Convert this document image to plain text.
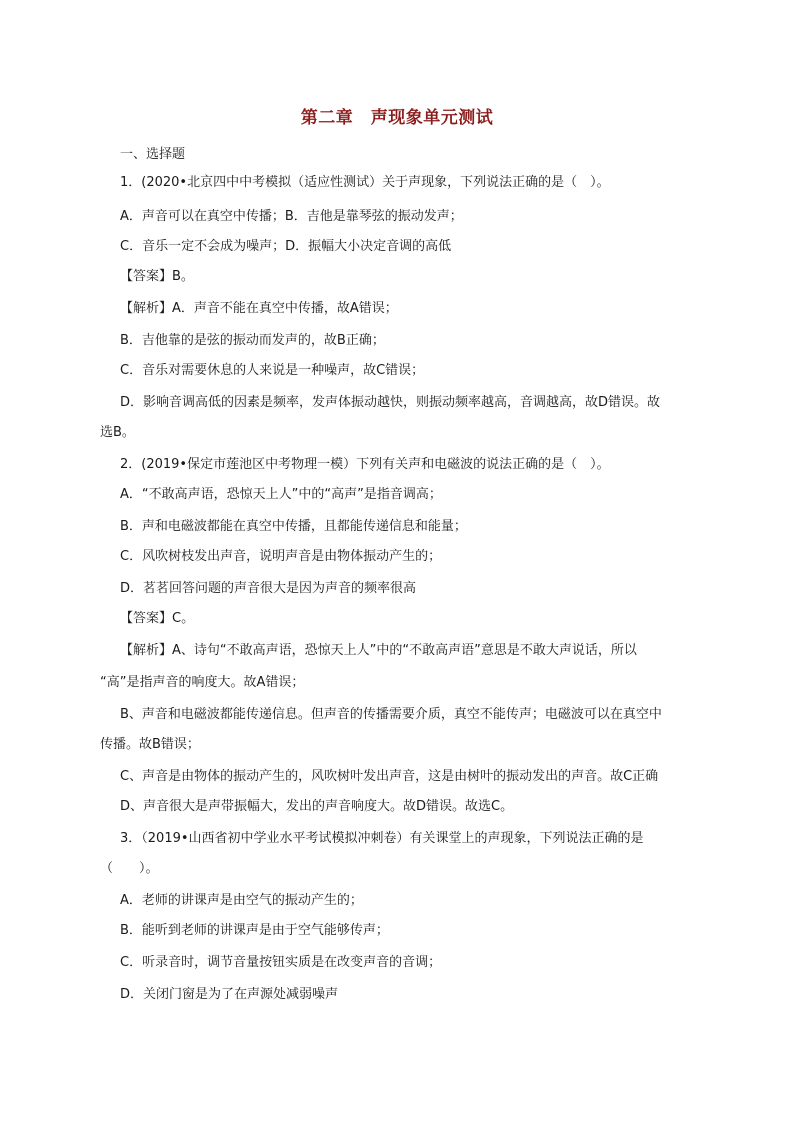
第二章　声现象单元测试
一、选择题
1．(2020•北京四中中考模拟（适应性测试）关于声现象，下列说法正确的是（　）。
A．声音可以在真空中传播；B．吉他是靠琴弦的振动发声；
C．音乐一定不会成为噪声；D．振幅大小决定音调的高低
【答案】B。
【解析】A．声音不能在真空中传播，故A错误；
B．吉他靠的是弦的振动而发声的，故B正确；
C．音乐对需要休息的人来说是一种噪声，故C错误；
D．影响音调高低的因素是频率，发声体振动越快，则振动频率越高，音调越高，故D错误。故
选B。
2．(2019•保定市莲池区中考物理一模）下列有关声和电磁波的说法正确的是（　）。
A．“不敢高声语，恐惊天上人”中的“高声”是指音调高；
B．声和电磁波都能在真空中传播，且都能传递信息和能量；
C．风吹树枝发出声音，说明声音是由物体振动产生的；
D．茗茗回答问题的声音很大是因为声音的频率很高
【答案】C。
【解析】A、诗句“不敢高声语，恐惊天上人”中的“不敢高声语”意思是不敢大声说话，所以
“高”是指声音的响度大。故A错误；
B、声音和电磁波都能传递信息。但声音的传播需要介质，真空不能传声；电磁波可以在真空中
传播。故B错误；
C、声音是由物体的振动产生的，风吹树叶发出声音，这是由树叶的振动发出的声音。故C正确
D、声音很大是声带振幅大，发出的声音响度大。故D错误。故选C。
3．（2019•山西省初中学业水平考试模拟冲刺卷）有关课堂上的声现象，下列说法正确的是
（　　）。
A．老师的讲课声是由空气的振动产生的；
B．能听到老师的讲课声是由于空气能够传声；
C．听录音时，调节音量按钮实质是在改变声音的音调；
D．关闭门窗是为了在声源处减弱噪声
